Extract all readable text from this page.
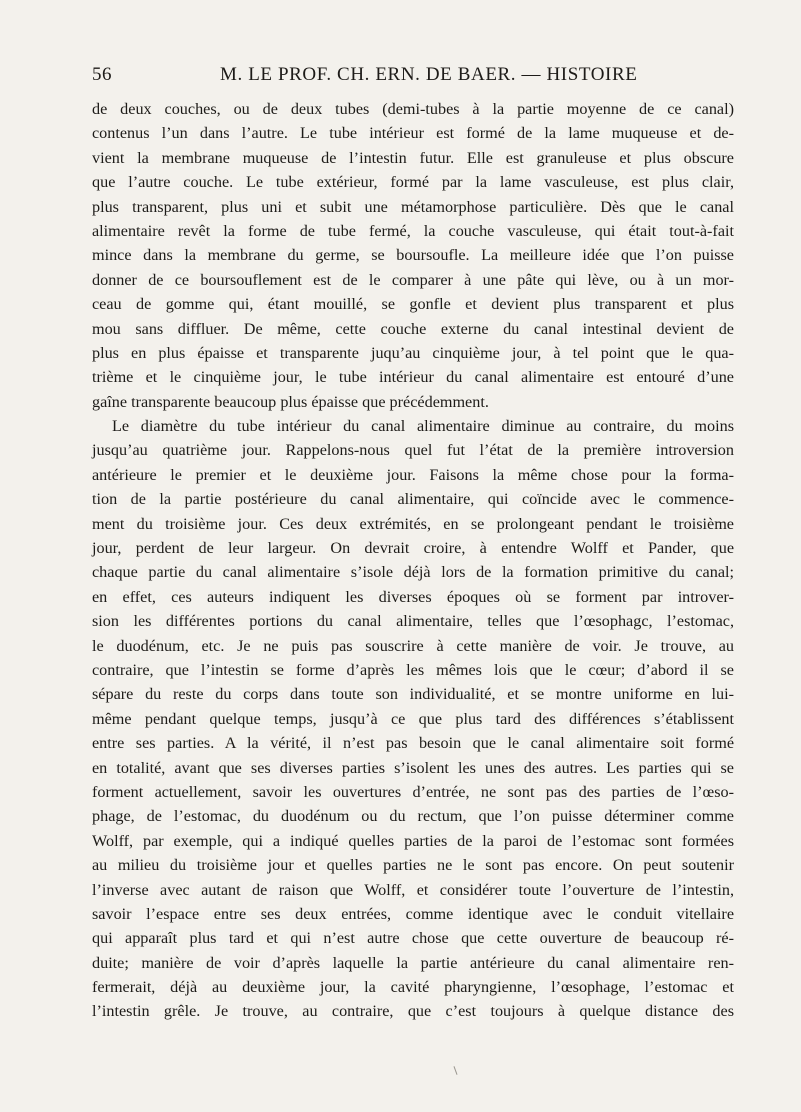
56	M. LE PROF. CH. ERN. DE BAER. — HISTOIRE
de deux couches, ou de deux tubes (demi-tubes à la partie moyenne de ce canal)
contenus l’un dans l’autre. Le tube intérieur est formé de la lame muqueuse et de-
vient la membrane muqueuse de l’intestin futur. Elle est granuleuse et plus obscure
que l’autre couche. Le tube extérieur, formé par la lame vasculeuse, est plus clair,
plus transparent, plus uni et subit une métamorphose particulière. Dès que le canal
alimentaire revêt la forme de tube fermé, la couche vasculeuse, qui était tout-à-fait
mince dans la membrane du germe, se boursoufle. La meilleure idée que l’on puisse
donner de ce boursouflement est de le comparer à une pâte qui lève, ou à un mor-
ceau de gomme qui, étant mouillé, se gonfle et devient plus transparent et plus
mou sans diffluer. De même, cette couche externe du canal intestinal devient de
plus en plus épaisse et transparente juqu’au cinquième jour, à tel point que le qua-
trième et le cinquième jour, le tube intérieur du canal alimentaire est entouré d’une
gaîne transparente beaucoup plus épaisse que précédemment.
Le diamètre du tube intérieur du canal alimentaire diminue au contraire, du moins
jusqu’au quatrième jour. Rappelons-nous quel fut l’état de la première introversion
antérieure le premier et le deuxième jour. Faisons la même chose pour la forma-
tion de la partie postérieure du canal alimentaire, qui coïncide avec le commence-
ment du troisième jour. Ces deux extrémités, en se prolongeant pendant le troisième
jour, perdent de leur largeur. On devrait croire, à entendre Wolff et Pander, que
chaque partie du canal alimentaire s’isole déjà lors de la formation primitive du canal;
en effet, ces auteurs indiquent les diverses époques où se forment par introver-
sion les différentes portions du canal alimentaire, telles que l’œsophagc, l’estomac,
le duodénum, etc. Je ne puis pas souscrire à cette manière de voir. Je trouve, au
contraire, que l’intestin se forme d’après les mêmes lois que le cœur; d’abord il se
sépare du reste du corps dans toute son individualité, et se montre uniforme en lui-
même pendant quelque temps, jusqu’à ce que plus tard des différences s’établissent
entre ses parties. A la vérité, il n’est pas besoin que le canal alimentaire soit formé
en totalité, avant que ses diverses parties s’isolent les unes des autres. Les parties qui se
forment actuellement, savoir les ouvertures d’entrée, ne sont pas des parties de l’œso-
phage, de l’estomac, du duodénum ou du rectum, que l’on puisse déterminer comme
Wolff, par exemple, qui a indiqué quelles parties de la paroi de l’estomac sont formées
au milieu du troisième jour et quelles parties ne le sont pas encore. On peut soutenir
l’inverse avec autant de raison que Wolff, et considérer toute l’ouverture de l’intestin,
savoir l’espace entre ses deux entrées, comme identique avec le conduit vitellaire
qui apparaît plus tard et qui n’est autre chose que cette ouverture de beaucoup ré-
duite; manière de voir d’après laquelle la partie antérieure du canal alimentaire ren-
fermerait, déjà au deuxième jour, la cavité pharyngienne, l’œsophage, l’estomac et
l’intestin grêle. Je trouve, au contraire, que c’est toujours à quelque distance des
